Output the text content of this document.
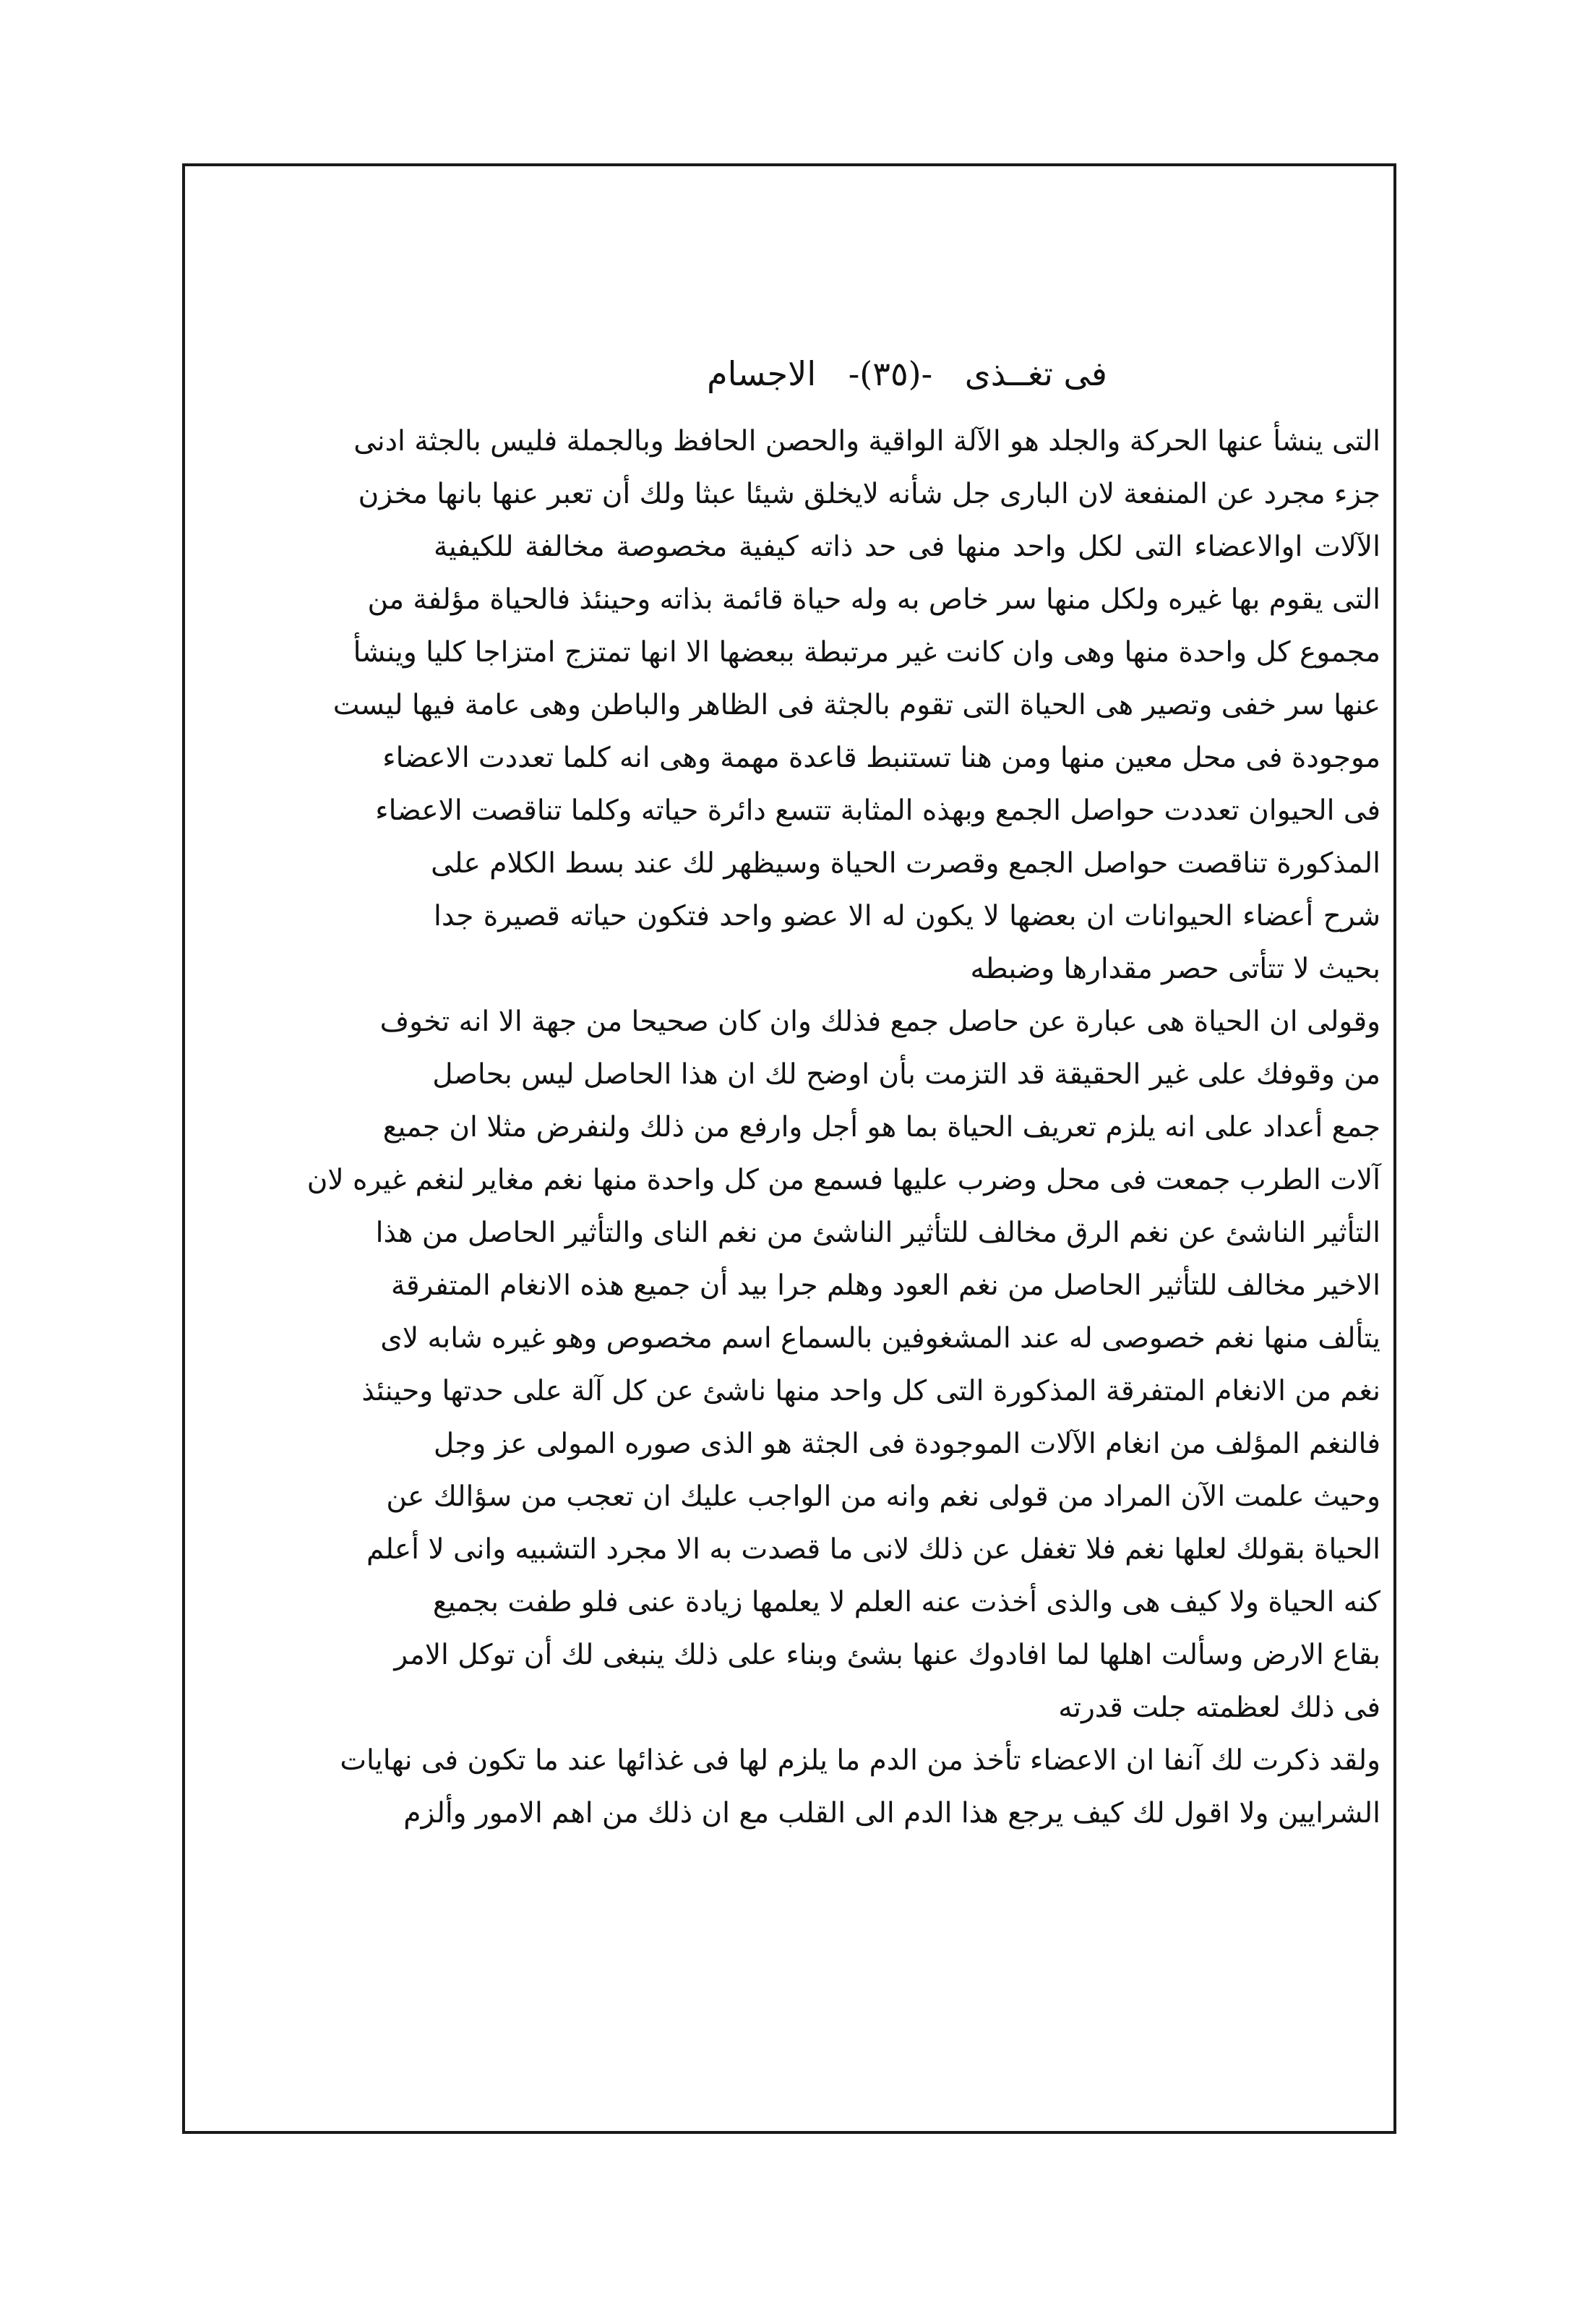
فى تغــذى -(٣٥)- الاجسام
التى ينشأ عنها الحركة والجلد هو الآلة الواقية والحصن الحافظ وبالجملة فليس بالجثة ادنى
جزء مجرد عن المنفعة لان البارى جل شأنه لايخلق شيئا عبثا ولك أن تعبر عنها بانها مخزن
الآلات اوالاعضاء التى لكل واحد منها فى حد ذاته كيفية مخصوصة مخالفة للكيفية
التى يقوم بها غيره ولكل منها سر خاص به وله حياة قائمة بذاته وحينئذ فالحياة مؤلفة من
مجموع كل واحدة منها وهى وان كانت غير مرتبطة ببعضها الا انها تمتزج امتزاجا كليا وينشأ
عنها سر خفى وتصير هى الحياة التى تقوم بالجثة فى الظاهر والباطن وهى عامة فيها ليست
موجودة فى محل معين منها ومن هنا تستنبط قاعدة مهمة وهى انه كلما تعددت الاعضاء
فى الحيوان تعددت حواصل الجمع وبهذه المثابة تتسع دائرة حياته وكلما تناقصت الاعضاء
المذكورة تناقصت حواصل الجمع وقصرت الحياة وسيظهر لك عند بسط الكلام على
شرح أعضاء الحيوانات ان بعضها لا يكون له الا عضو واحد فتكون حياته قصيرة جدا
بحيث لا تتأتى حصر مقدارها وضبطه
وقولى ان الحياة هى عبارة عن حاصل جمع فذلك وان كان صحيحا من جهة الا انه تخوف
من وقوفك على غير الحقيقة قد التزمت بأن اوضح لك ان هذا الحاصل ليس بحاصل
جمع أعداد على انه يلزم تعريف الحياة بما هو أجل وارفع من ذلك ولنفرض مثلا ان جميع
آلات الطرب جمعت فى محل وضرب عليها فسمع من كل واحدة منها نغم مغاير لنغم غيره لان
التأثير الناشئ عن نغم الرق مخالف للتأثير الناشئ من نغم الناى والتأثير الحاصل من هذا
الاخير مخالف للتأثير الحاصل من نغم العود وهلم جرا بيد أن جميع هذه الانغام المتفرقة
يتألف منها نغم خصوصى له عند المشغوفين بالسماع اسم مخصوص وهو غيره شابه لاى
نغم من الانغام المتفرقة المذكورة التى كل واحد منها ناشئ عن كل آلة على حدتها وحينئذ
فالنغم المؤلف من انغام الآلات الموجودة فى الجثة هو الذى صوره المولى عز وجل
وحيث علمت الآن المراد من قولى نغم وانه من الواجب عليك ان تعجب من سؤالك عن
الحياة بقولك لعلها نغم فلا تغفل عن ذلك لانى ما قصدت به الا مجرد التشبيه وانى لا أعلم
كنه الحياة ولا كيف هى والذى أخذت عنه العلم لا يعلمها زيادة عنى فلو طفت بجميع
بقاع الارض وسألت اهلها لما افادوك عنها بشئ وبناء على ذلك ينبغى لك أن توكل الامر
فى ذلك لعظمته جلت قدرته
ولقد ذكرت لك آنفا ان الاعضاء تأخذ من الدم ما يلزم لها فى غذائها عند ما تكون فى نهايات
الشرايين ولا اقول لك كيف يرجع هذا الدم الى القلب مع ان ذلك من اهم الامور وألزم
